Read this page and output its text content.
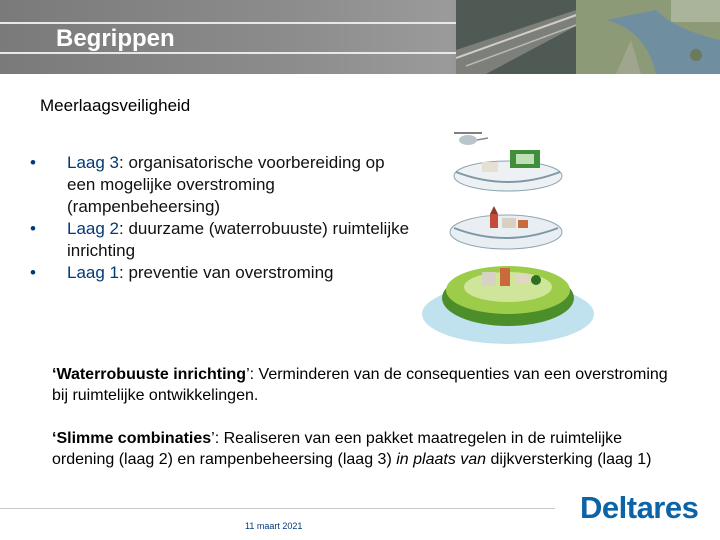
Begrippen

Meerlaagsveiligheid

• Laag 3: organisatorische voorbereiding op een mogelijke overstroming (rampenbeheersing)
• Laag 2: duurzame (waterrobuuste) ruimtelijke inrichting
• Laag 1: preventie van overstroming

‘Waterrobuuste inrichting’: Verminderen van de consequenties van een overstroming bij ruimtelijke ontwikkelingen.

‘Slimme combinaties’: Realiseren van een pakket maatregelen in de ruimtelijke ordening (laag 2) en rampenbeheersing (laag 3) in plaats van dijkversterking (laag 1)

11 maart 2021
Deltares
